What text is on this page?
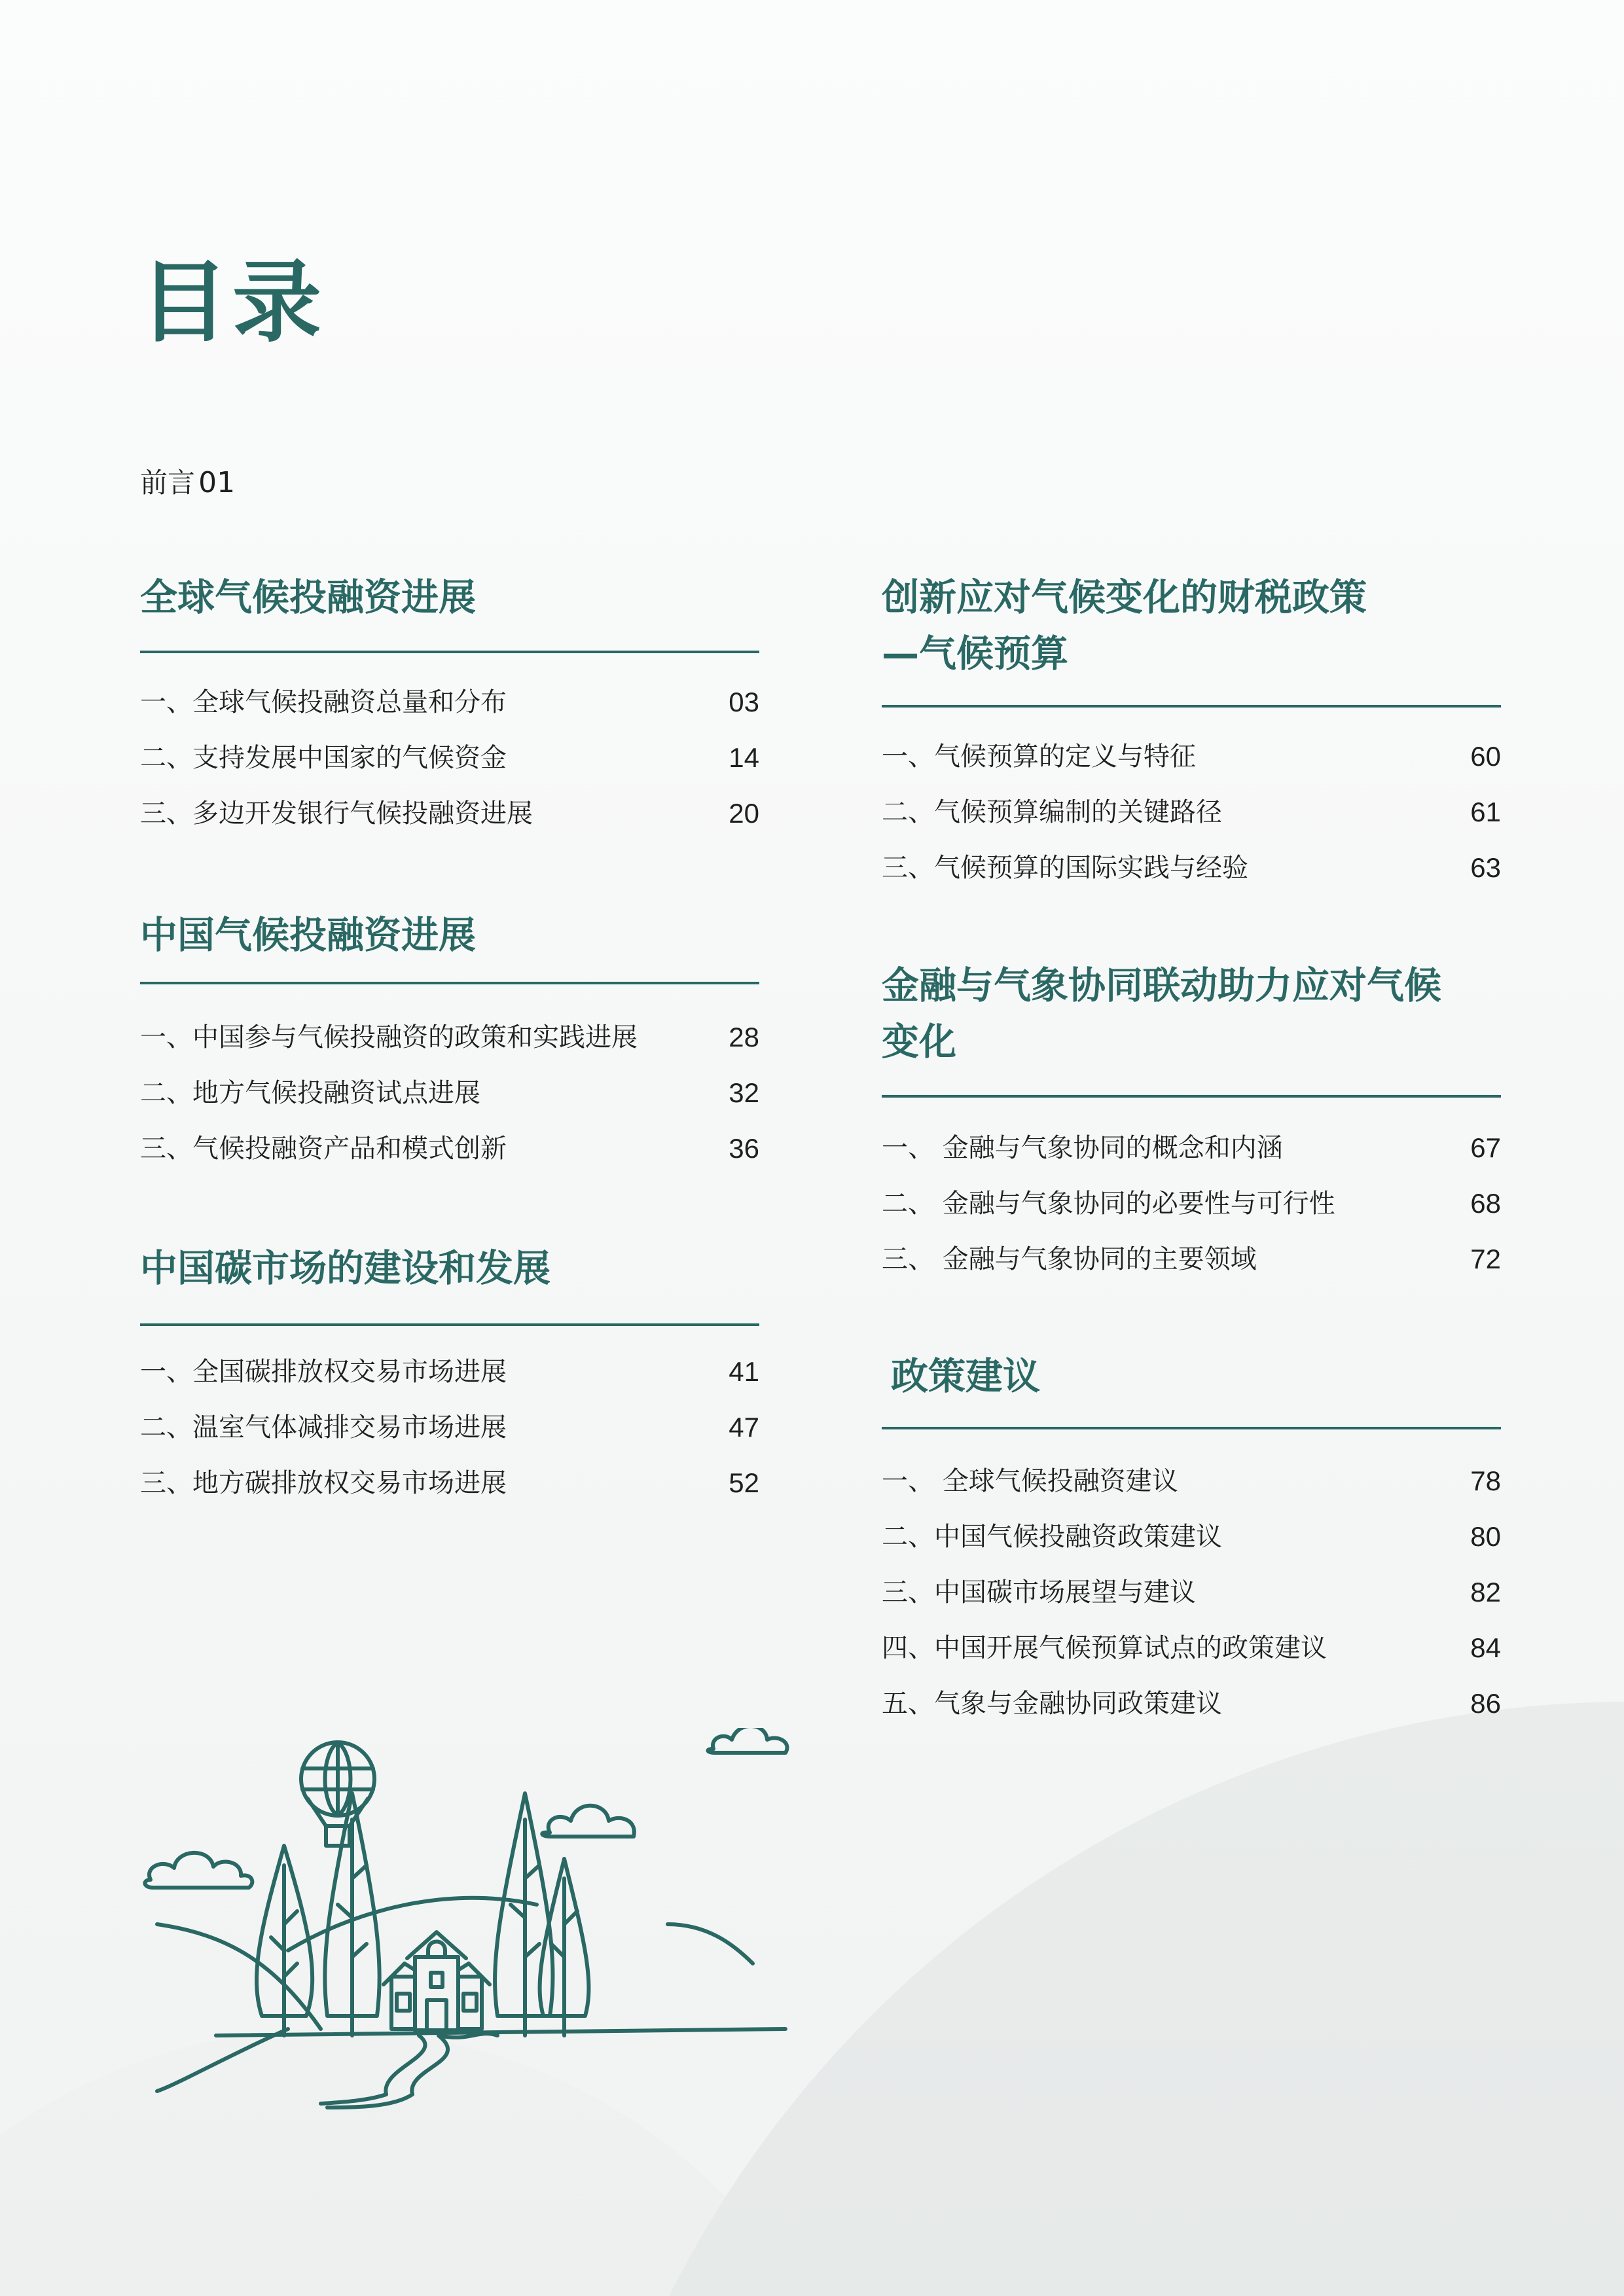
目录
前言 01
全球气候投融资进展
一、全球气候投融资总量和分布	03
二、支持发展中国家的气候资金	14
三、多边开发银行气候投融资进展	20
中国气候投融资进展
一、中国参与气候投融资的政策和实践进展	28
二、地方气候投融资试点进展	32
三、气候投融资产品和模式创新	36
中国碳市场的建设和发展
一、全国碳排放权交易市场进展	41
二、温室气体减排交易市场进展	47
三、地方碳排放权交易市场进展	52
创新应对气候变化的财税政策
—气候预算
一、气候预算的定义与特征	60
二、气候预算编制的关键路径	61
三、气候预算的国际实践与经验	63
金融与气象协同联动助力应对气候
变化
一、 金融与气象协同的概念和内涵	67
二、 金融与气象协同的必要性与可行性	68
三、 金融与气象协同的主要领域	72
政策建议
一、 全球气候投融资建议	78
二、中国气候投融资政策建议	80
三、中国碳市场展望与建议	82
四、中国开展气候预算试点的政策建议	84
五、气象与金融协同政策建议	86
